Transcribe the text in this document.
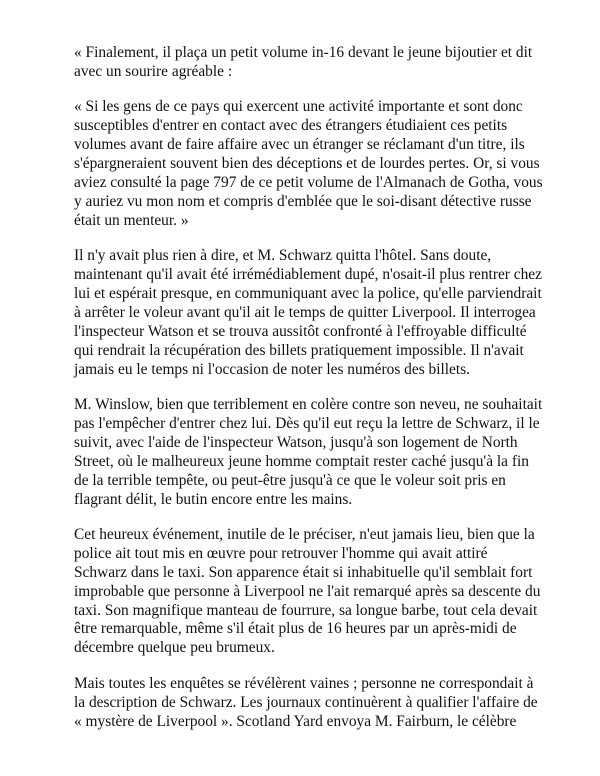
« Finalement, il plaça un petit volume in-16 devant le jeune bijoutier et dit
avec un sourire agréable :

« Si les gens de ce pays qui exercent une activité importante et sont donc
susceptibles d'entrer en contact avec des étrangers étudiaient ces petits
volumes avant de faire affaire avec un étranger se réclamant d'un titre, ils
s'épargneraient souvent bien des déceptions et de lourdes pertes. Or, si vous
aviez consulté la page 797 de ce petit volume de l'Almanach de Gotha, vous
y auriez vu mon nom et compris d'emblée que le soi-disant détective russe
était un menteur. »

Il n'y avait plus rien à dire, et M. Schwarz quitta l'hôtel. Sans doute,
maintenant qu'il avait été irrémédiablement dupé, n'osait-il plus rentrer chez
lui et espérait presque, en communiquant avec la police, qu'elle parviendrait
à arrêter le voleur avant qu'il ait le temps de quitter Liverpool. Il interrogea
l'inspecteur Watson et se trouva aussitôt confronté à l'effroyable difficulté
qui rendrait la récupération des billets pratiquement impossible. Il n'avait
jamais eu le temps ni l'occasion de noter les numéros des billets.

M. Winslow, bien que terriblement en colère contre son neveu, ne souhaitait
pas l'empêcher d'entrer chez lui. Dès qu'il eut reçu la lettre de Schwarz, il le
suivit, avec l'aide de l'inspecteur Watson, jusqu'à son logement de North
Street, où le malheureux jeune homme comptait rester caché jusqu'à la fin
de la terrible tempête, ou peut-être jusqu'à ce que le voleur soit pris en
flagrant délit, le butin encore entre les mains.

Cet heureux événement, inutile de le préciser, n'eut jamais lieu, bien que la
police ait tout mis en œuvre pour retrouver l'homme qui avait attiré
Schwarz dans le taxi. Son apparence était si inhabituelle qu'il semblait fort
improbable que personne à Liverpool ne l'ait remarqué après sa descente du
taxi. Son magnifique manteau de fourrure, sa longue barbe, tout cela devait
être remarquable, même s'il était plus de 16 heures par un après-midi de
décembre quelque peu brumeux.

Mais toutes les enquêtes se révélèrent vaines ; personne ne correspondait à
la description de Schwarz. Les journaux continuèrent à qualifier l'affaire de
« mystère de Liverpool ». Scotland Yard envoya M. Fairburn, le célèbre
